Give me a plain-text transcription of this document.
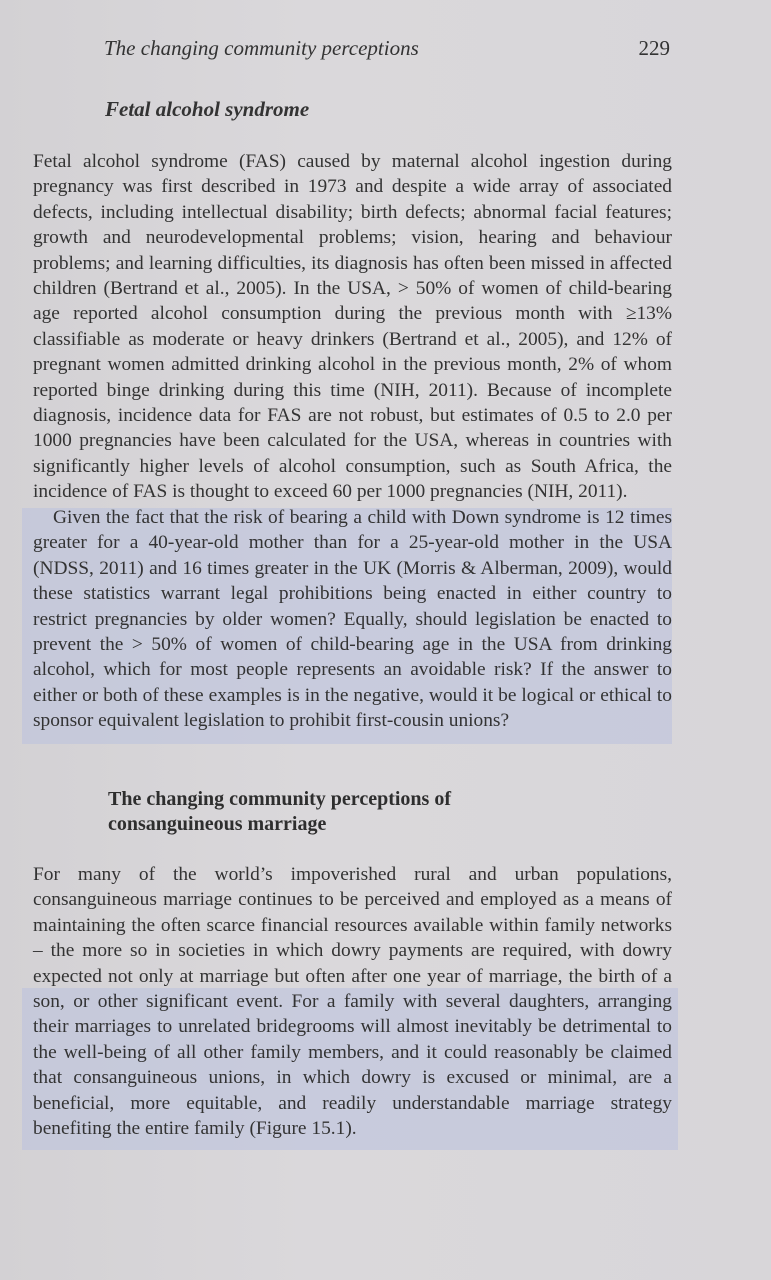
The changing community perceptions	229
Fetal alcohol syndrome

Fetal alcohol syndrome (FAS) caused by maternal alcohol ingestion during pregnancy was first described in 1973 and despite a wide array of associated defects, including intellectual disability; birth defects; abnormal facial features; growth and neurodevelopmental problems; vision, hearing and behaviour problems; and learning difficulties, its diagnosis has often been missed in affected children (Bertrand et al., 2005). In the USA, > 50% of women of child-bearing age reported alcohol consumption during the previous month with ≥13% classifiable as moderate or heavy drinkers (Bertrand et al., 2005), and 12% of pregnant women admitted drinking alcohol in the previous month, 2% of whom reported binge drinking during this time (NIH, 2011). Because of incomplete diagnosis, incidence data for FAS are not robust, but estimates of 0.5 to 2.0 per 1000 pregnancies have been calculated for the USA, whereas in countries with significantly higher levels of alcohol consumption, such as South Africa, the incidence of FAS is thought to exceed 60 per 1000 pregnancies (NIH, 2011).

Given the fact that the risk of bearing a child with Down syndrome is 12 times greater for a 40-year-old mother than for a 25-year-old mother in the USA (NDSS, 2011) and 16 times greater in the UK (Morris & Alberman, 2009), would these statistics warrant legal prohibitions being enacted in either country to restrict pregnancies by older women? Equally, should legislation be enacted to prevent the > 50% of women of child-bearing age in the USA from drinking alcohol, which for most people represents an avoidable risk? If the answer to either or both of these examples is in the negative, would it be logical or ethical to sponsor equivalent legislation to prohibit first-cousin unions?

The changing community perceptions of
consanguineous marriage

For many of the world’s impoverished rural and urban populations, consanguineous marriage continues to be perceived and employed as a means of maintaining the often scarce financial resources available within family networks – the more so in societies in which dowry payments are required, with dowry expected not only at marriage but often after one year of marriage, the birth of a son, or other significant event. For a family with several daughters, arranging their marriages to unrelated bridegrooms will almost inevitably be detrimental to the well-being of all other family members, and it could reasonably be claimed that consanguineous unions, in which dowry is excused or minimal, are a beneficial, more equitable, and readily understandable marriage strategy benefiting the entire family (Figure 15.1).
